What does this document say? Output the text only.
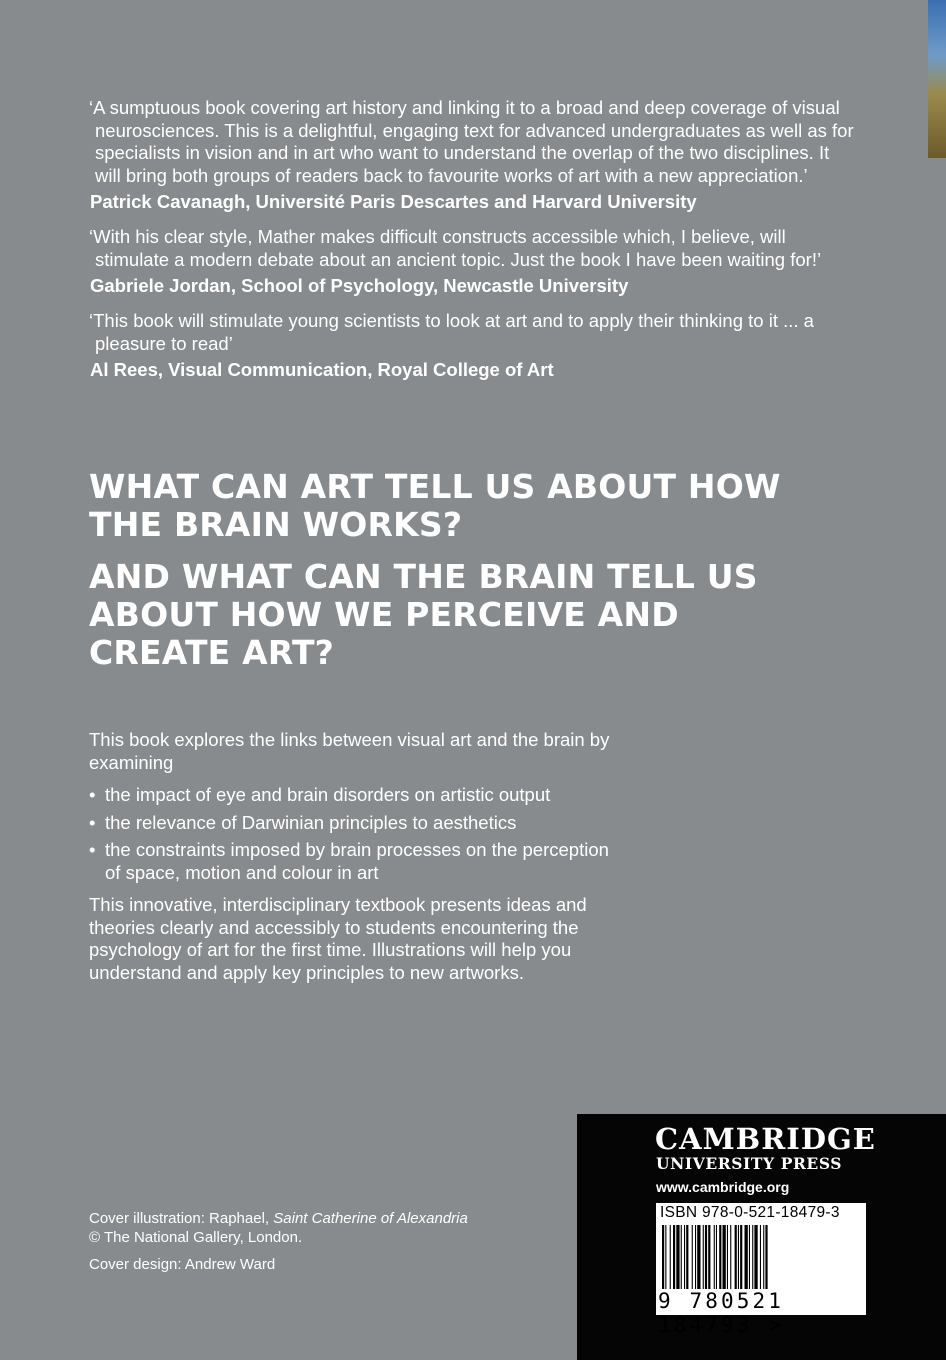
‘A sumptuous book covering art history and linking it to a broad and deep coverage of visual neurosciences. This is a delightful, engaging text for advanced undergraduates as well as for specialists in vision and in art who want to understand the overlap of the two disciplines. It will bring both groups of readers back to favourite works of art with a new appreciation.’

Patrick Cavanagh, Université Paris Descartes and Harvard University

‘With his clear style, Mather makes difficult constructs accessible which, I believe, will stimulate a modern debate about an ancient topic. Just the book I have been waiting for!’

Gabriele Jordan, School of Psychology, Newcastle University

‘This book will stimulate young scientists to look at art and to apply their thinking to it ... a pleasure to read’

Al Rees, Visual Communication, Royal College of Art

WHAT CAN ART TELL US ABOUT HOW THE BRAIN WORKS?

AND WHAT CAN THE BRAIN TELL US ABOUT HOW WE PERCEIVE AND CREATE ART?

This book explores the links between visual art and the brain by examining

• the impact of eye and brain disorders on artistic output
• the relevance of Darwinian principles to aesthetics
• the constraints imposed by brain processes on the perception of space, motion and colour in art

This innovative, interdisciplinary textbook presents ideas and theories clearly and accessibly to students encountering the psychology of art for the first time. Illustrations will help you understand and apply key principles to new artworks.

Cover illustration: Raphael, Saint Catherine of Alexandria

© The National Gallery, London.

Cover design: Andrew Ward

CAMBRIDGE
UNIVERSITY PRESS
www.cambridge.org
ISBN 978-0-521-18479-3
9 780521 184793 >
